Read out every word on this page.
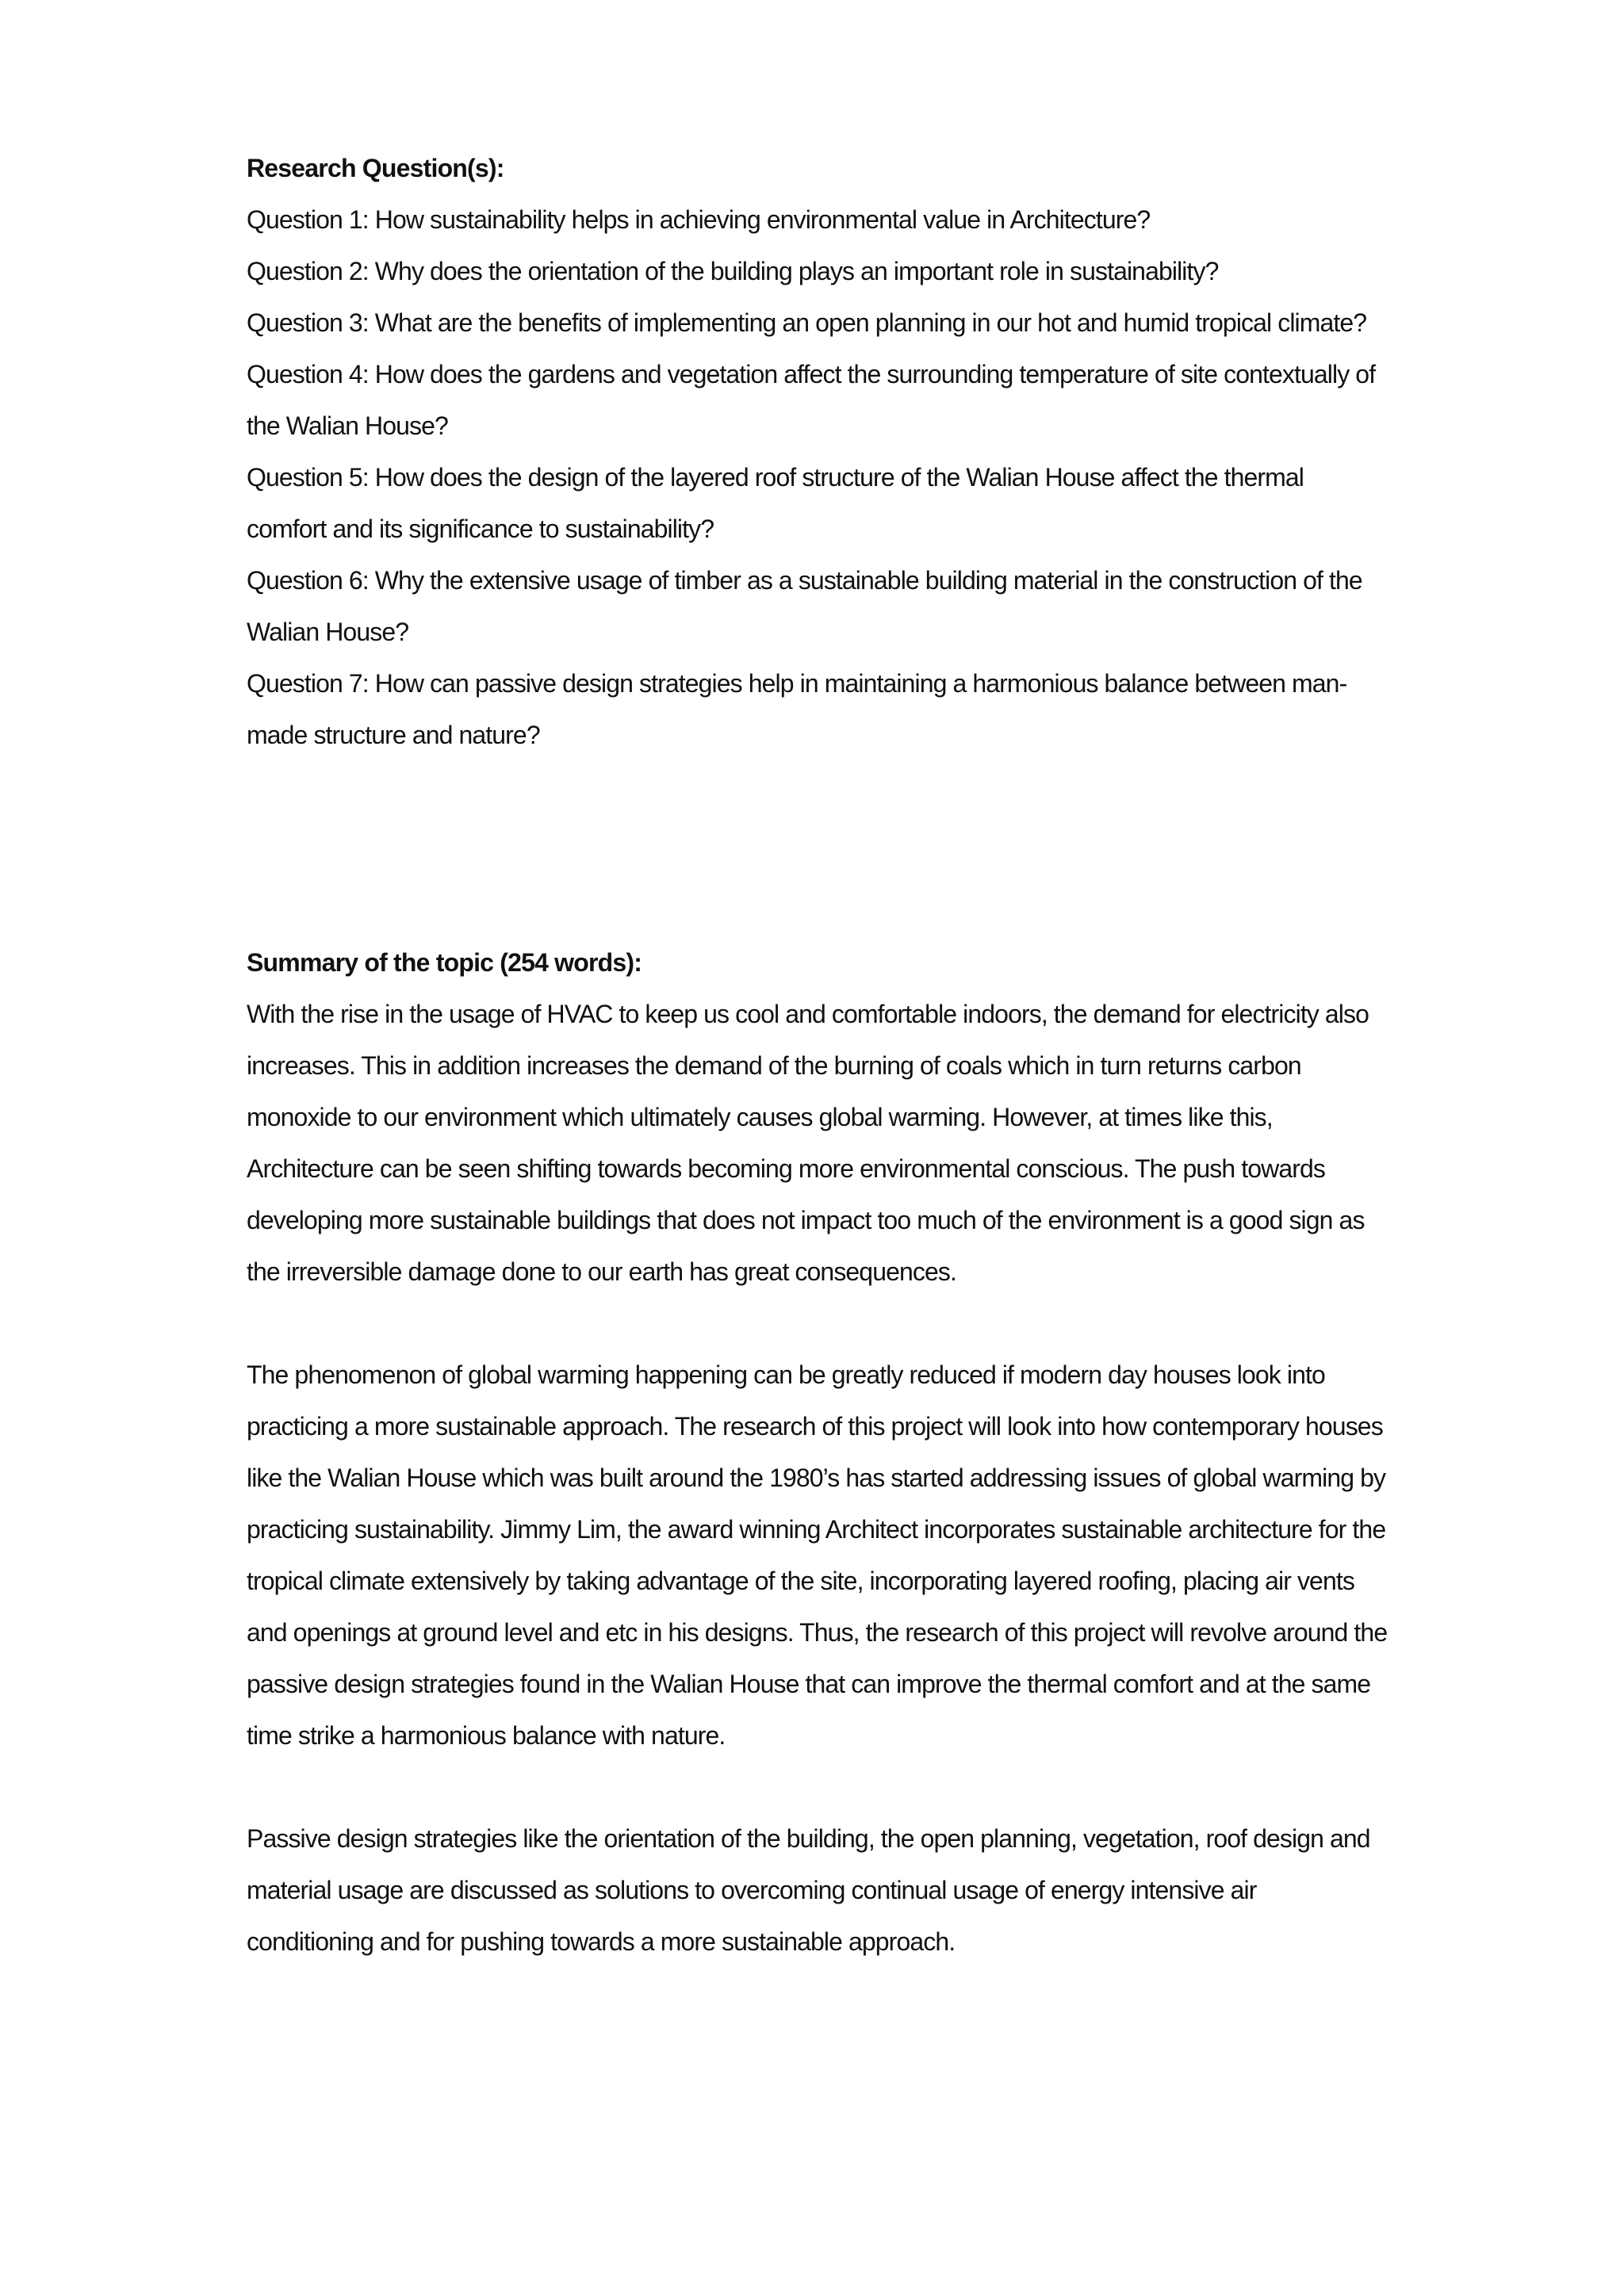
Research Question(s):
Question 1: How sustainability helps in achieving environmental value in Architecture?
Question 2: Why does the orientation of the building plays an important role in sustainability?
Question 3: What are the benefits of implementing an open planning in our hot and humid tropical climate?
Question 4: How does the gardens and vegetation affect the surrounding temperature of site contextually of the Walian House?
Question 5: How does the design of the layered roof structure of the Walian House affect the thermal comfort and its significance to sustainability?
Question 6: Why the extensive usage of timber as a sustainable building material in the construction of the Walian House?
Question 7: How can passive design strategies help in maintaining a harmonious balance between man-made structure and nature?
Summary of the topic (254 words):

With the rise in the usage of HVAC to keep us cool and comfortable indoors, the demand for electricity also increases. This in addition increases the demand of the burning of coals which in turn returns carbon monoxide to our environment which ultimately causes global warming. However, at times like this, Architecture can be seen shifting towards becoming more environmental conscious. The push towards developing more sustainable buildings that does not impact too much of the environment is a good sign as the irreversible damage done to our earth has great consequences.

The phenomenon of global warming happening can be greatly reduced if modern day houses look into practicing a more sustainable approach. The research of this project will look into how contemporary houses like the Walian House which was built around the 1980’s has started addressing issues of global warming by practicing sustainability. Jimmy Lim, the award winning Architect incorporates sustainable architecture for the tropical climate extensively by taking advantage of the site, incorporating layered roofing, placing air vents and openings at ground level and etc in his designs. Thus, the research of this project will revolve around the passive design strategies found in the Walian House that can improve the thermal comfort and at the same time strike a harmonious balance with nature.

Passive design strategies like the orientation of the building, the open planning, vegetation, roof design and material usage are discussed as solutions to overcoming continual usage of energy intensive air conditioning and for pushing towards a more sustainable approach.
